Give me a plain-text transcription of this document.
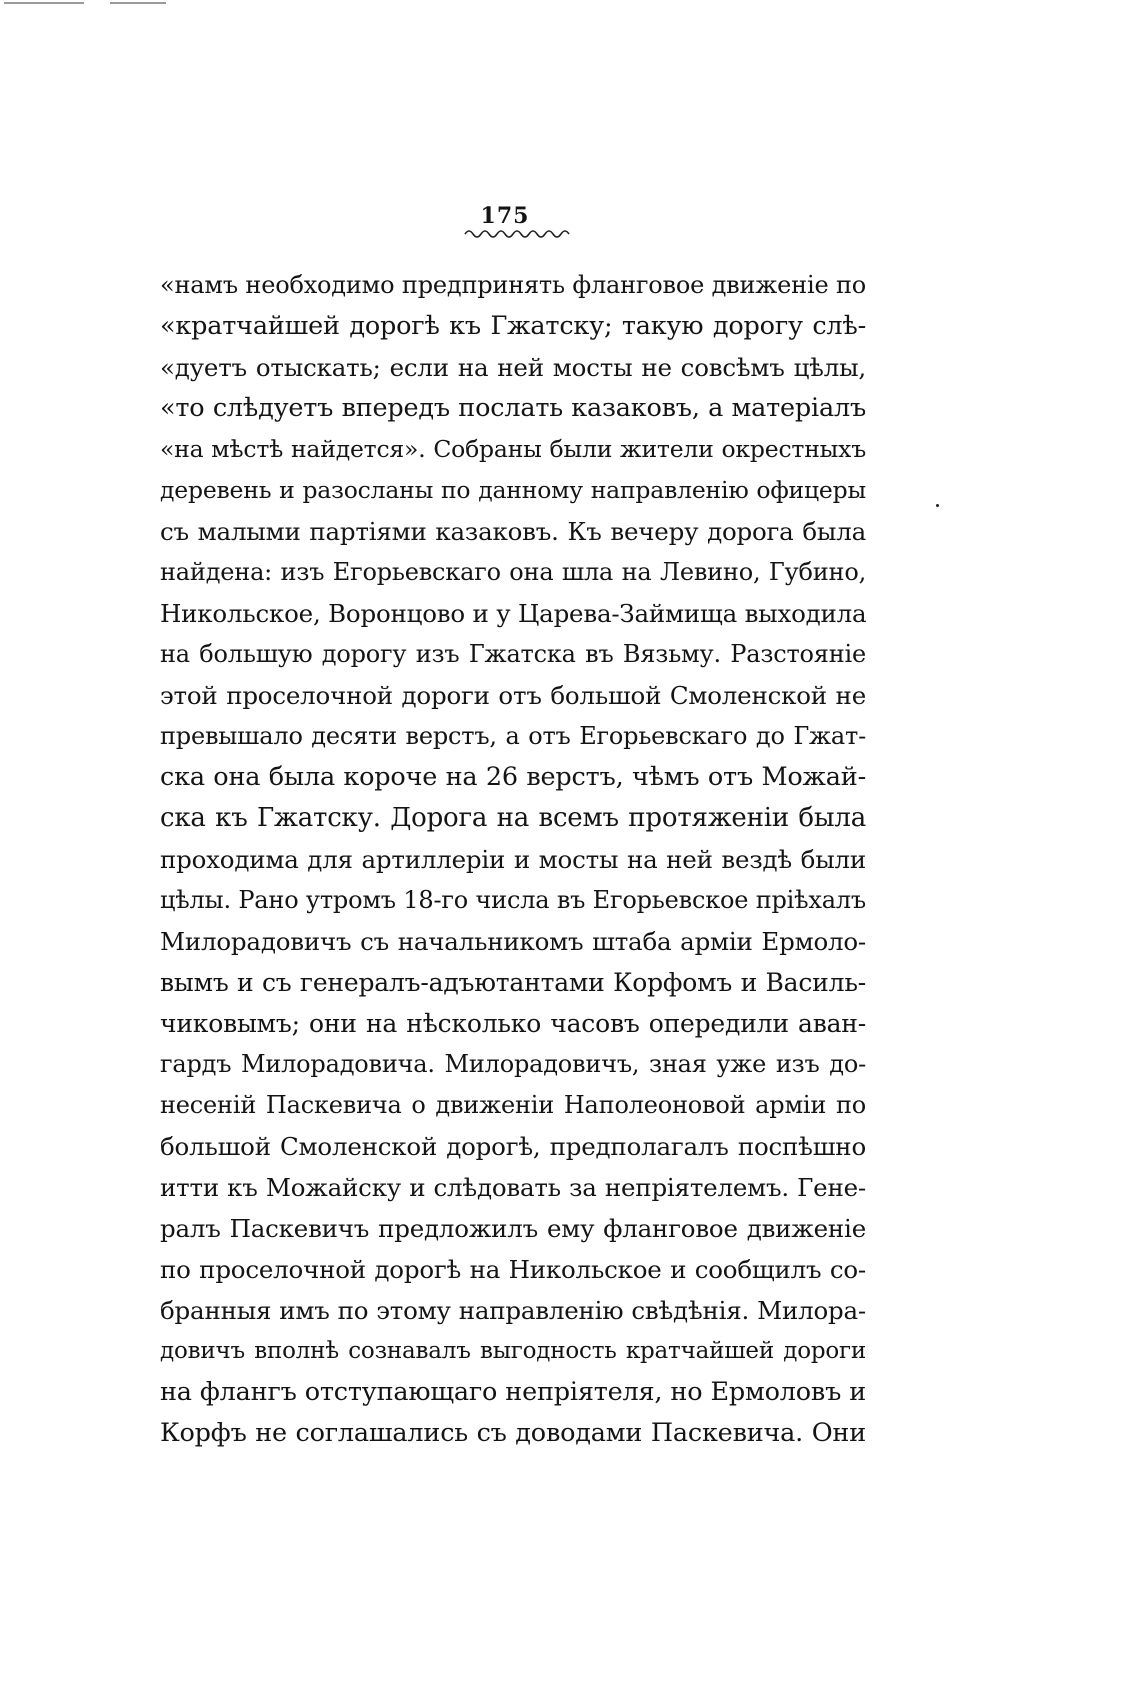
175
«намъ необходимо предпринять фланговое движеніе по
«кратчайшей дорогѣ къ Гжатску; такую дорогу слѣ-
«дуетъ отыскать; если на ней мосты не совсѣмъ цѣлы,
«то слѣдуетъ впередъ послать казаковъ, а матеріалъ
«на мѣстѣ найдется». Собраны были жители окрестныхъ
деревень и разосланы по данному направленію офицеры
съ малыми партіями казаковъ. Къ вечеру дорога была
найдена: изъ Егорьевскаго она шла на Левино, Губино,
Никольское, Воронцово и у Царева-Займища выходила
на большую дорогу изъ Гжатска въ Вязьму. Разстояніе
этой проселочной дороги отъ большой Смоленской не
превышало десяти верстъ, а отъ Егорьевскаго до Гжат-
ска она была короче на 26 верстъ, чѣмъ отъ Можай-
ска къ Гжатску. Дорога на всемъ протяженіи была
проходима для артиллеріи и мосты на ней вездѣ были
цѣлы. Рано утромъ 18-го числа въ Егорьевское пріѣхалъ
Милорадовичъ съ начальникомъ штаба арміи Ермоло-
вымъ и съ генералъ-адъютантами Корфомъ и Василь-
чиковымъ; они на нѣсколько часовъ опередили аван-
гардъ Милорадовича. Милорадовичъ, зная уже изъ до-
несеній Паскевича о движеніи Наполеоновой арміи по
большой Смоленской дорогѣ, предполагалъ поспѣшно
итти къ Можайску и слѣдовать за непріятелемъ. Гене-
ралъ Паскевичъ предложилъ ему фланговое движеніе
по проселочной дорогѣ на Никольское и сообщилъ со-
бранныя имъ по этому направленію свѣдѣнія. Милора-
довичъ вполнѣ сознавалъ выгодность кратчайшей дороги
на флангъ отступающаго непріятеля, но Ермоловъ и
Корфъ не соглашались съ доводами Паскевича. Они
